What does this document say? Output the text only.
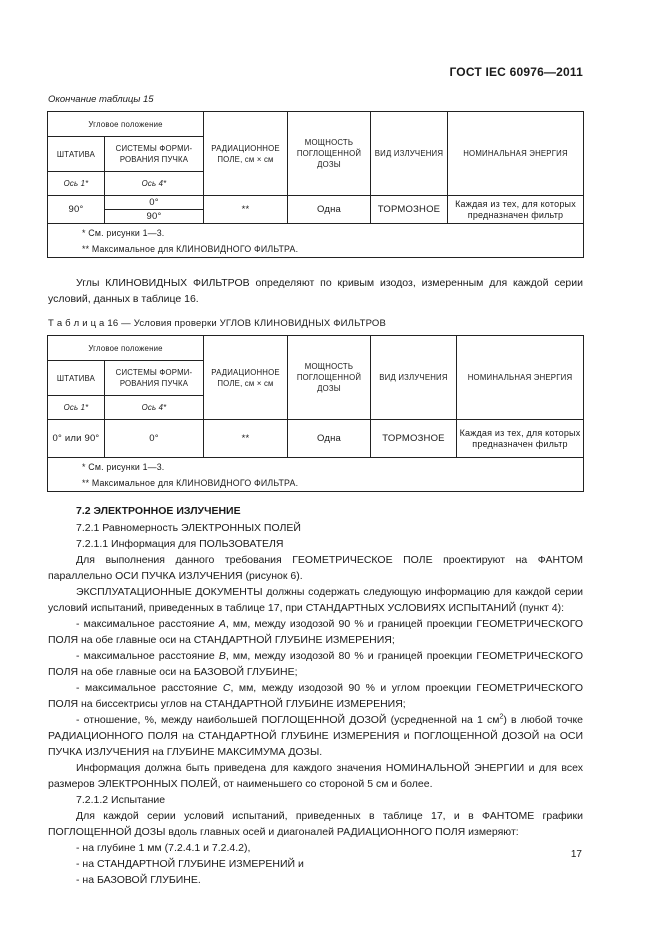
ГОСТ IEC 60976—2011
Окончание таблицы 15
Угловое положение		РАДИАЦИОННОЕ ПОЛЕ, см × см	МОЩНОСТЬ ПОГЛОЩЕННОЙ ДОЗЫ	ВИД ИЗЛУЧЕНИЯ	НОМИНАЛЬНАЯ ЭНЕРГИЯ
ШТАТИВА	СИСТЕМЫ ФОРМИ-РОВАНИЯ ПУЧКА				
Ось 1*	Ось 4*				
90°	0°	**	Одна	ТОРМОЗНОЕ	Каждая из тех, для которых предназначен фильтр
	90°				

* См. рисунки 1—3.
** Максимальное для КЛИНОВИДНОГО ФИЛЬТРА.					

Углы КЛИНОВИДНЫХ ФИЛЬТРОВ определяют по кривым изодоз, измеренным для каждой серии условий, данных в таблице 16.

Т а б л и ц а 16 — Условия проверки УГЛОВ КЛИНОВИДНЫХ ФИЛЬТРОВ
Угловое положение		РАДИАЦИОННОЕ ПОЛЕ, см × см	МОЩНОСТЬ ПОГЛОЩЕННОЙ ДОЗЫ	ВИД ИЗЛУЧЕНИЯ	НОМИНАЛЬНАЯ ЭНЕРГИЯ
ШТАТИВА	СИСТЕМЫ ФОРМИ-РОВАНИЯ ПУЧКА				
Ось 1*	Ось 4*				
0° или 90°	0°	**	Одна	ТОРМОЗНОЕ	Каждая из тех, для которых предназначен фильтр

* См. рисунки 1—3.
** Максимальное для КЛИНОВИДНОГО ФИЛЬТРА.					
7.2 ЭЛЕКТРОННОЕ ИЗЛУЧЕНИЕ

7.2.1 Равномерность ЭЛЕКТРОННЫХ ПОЛЕЙ

7.2.1.1 Информация для ПОЛЬЗОВАТЕЛЯ

Для выполнения данного требования ГЕОМЕТРИЧЕСКОЕ ПОЛЕ проектируют на ФАНТОМ параллельно ОСИ ПУЧКА ИЗЛУЧЕНИЯ (рисунок 6).

ЭКСПЛУАТАЦИОННЫЕ ДОКУМЕНТЫ должны содержать следующую информацию для каждой серии условий испытаний, приведенных в таблице 17, при СТАНДАРТНЫХ УСЛОВИЯХ ИСПЫТАНИЙ (пункт 4):

- максимальное расстояние A, мм, между изодозой 90 % и границей проекции ГЕОМЕТРИЧЕСКОГО ПОЛЯ на обе главные оси на СТАНДАРТНОЙ ГЛУБИНЕ ИЗМЕРЕНИЯ;

- максимальное расстояние B, мм, между изодозой 80 % и границей проекции ГЕОМЕТРИЧЕСКОГО ПОЛЯ на обе главные оси на БАЗОВОЙ ГЛУБИНЕ;

- максимальное расстояние C, мм, между изодозой 90 % и углом проекции ГЕОМЕТРИЧЕСКОГО ПОЛЯ на биссектрисы углов на СТАНДАРТНОЙ ГЛУБИНЕ ИЗМЕРЕНИЯ;

- отношение, %, между наибольшей ПОГЛОЩЕННОЙ ДОЗОЙ (усредненной на 1 $см^2$) в любой точке РАДИАЦИОННОГО ПОЛЯ на СТАНДАРТНОЙ ГЛУБИНЕ ИЗМЕРЕНИЯ и ПОГЛОЩЕННОЙ ДОЗОЙ на ОСИ ПУЧКА ИЗЛУЧЕНИЯ на ГЛУБИНЕ МАКСИМУМА ДОЗЫ.

Информация должна быть приведена для каждого значения НОМИНАЛЬНОЙ ЭНЕРГИИ и для всех размеров ЭЛЕКТРОННЫХ ПОЛЕЙ, от наименьшего со стороной 5 см и более.

7.2.1.2 Испытание

Для каждой серии условий испытаний, приведенных в таблице 17, и в ФАНТОМЕ графики ПОГЛОЩЕННОЙ ДОЗЫ вдоль главных осей и диагоналей РАДИАЦИОННОГО ПОЛЯ измеряют:

- на глубине 1 мм (7.2.4.1 и 7.2.4.2),

- на СТАНДАРТНОЙ ГЛУБИНЕ ИЗМЕРЕНИЙ и

- на БАЗОВОЙ ГЛУБИНЕ.

17
